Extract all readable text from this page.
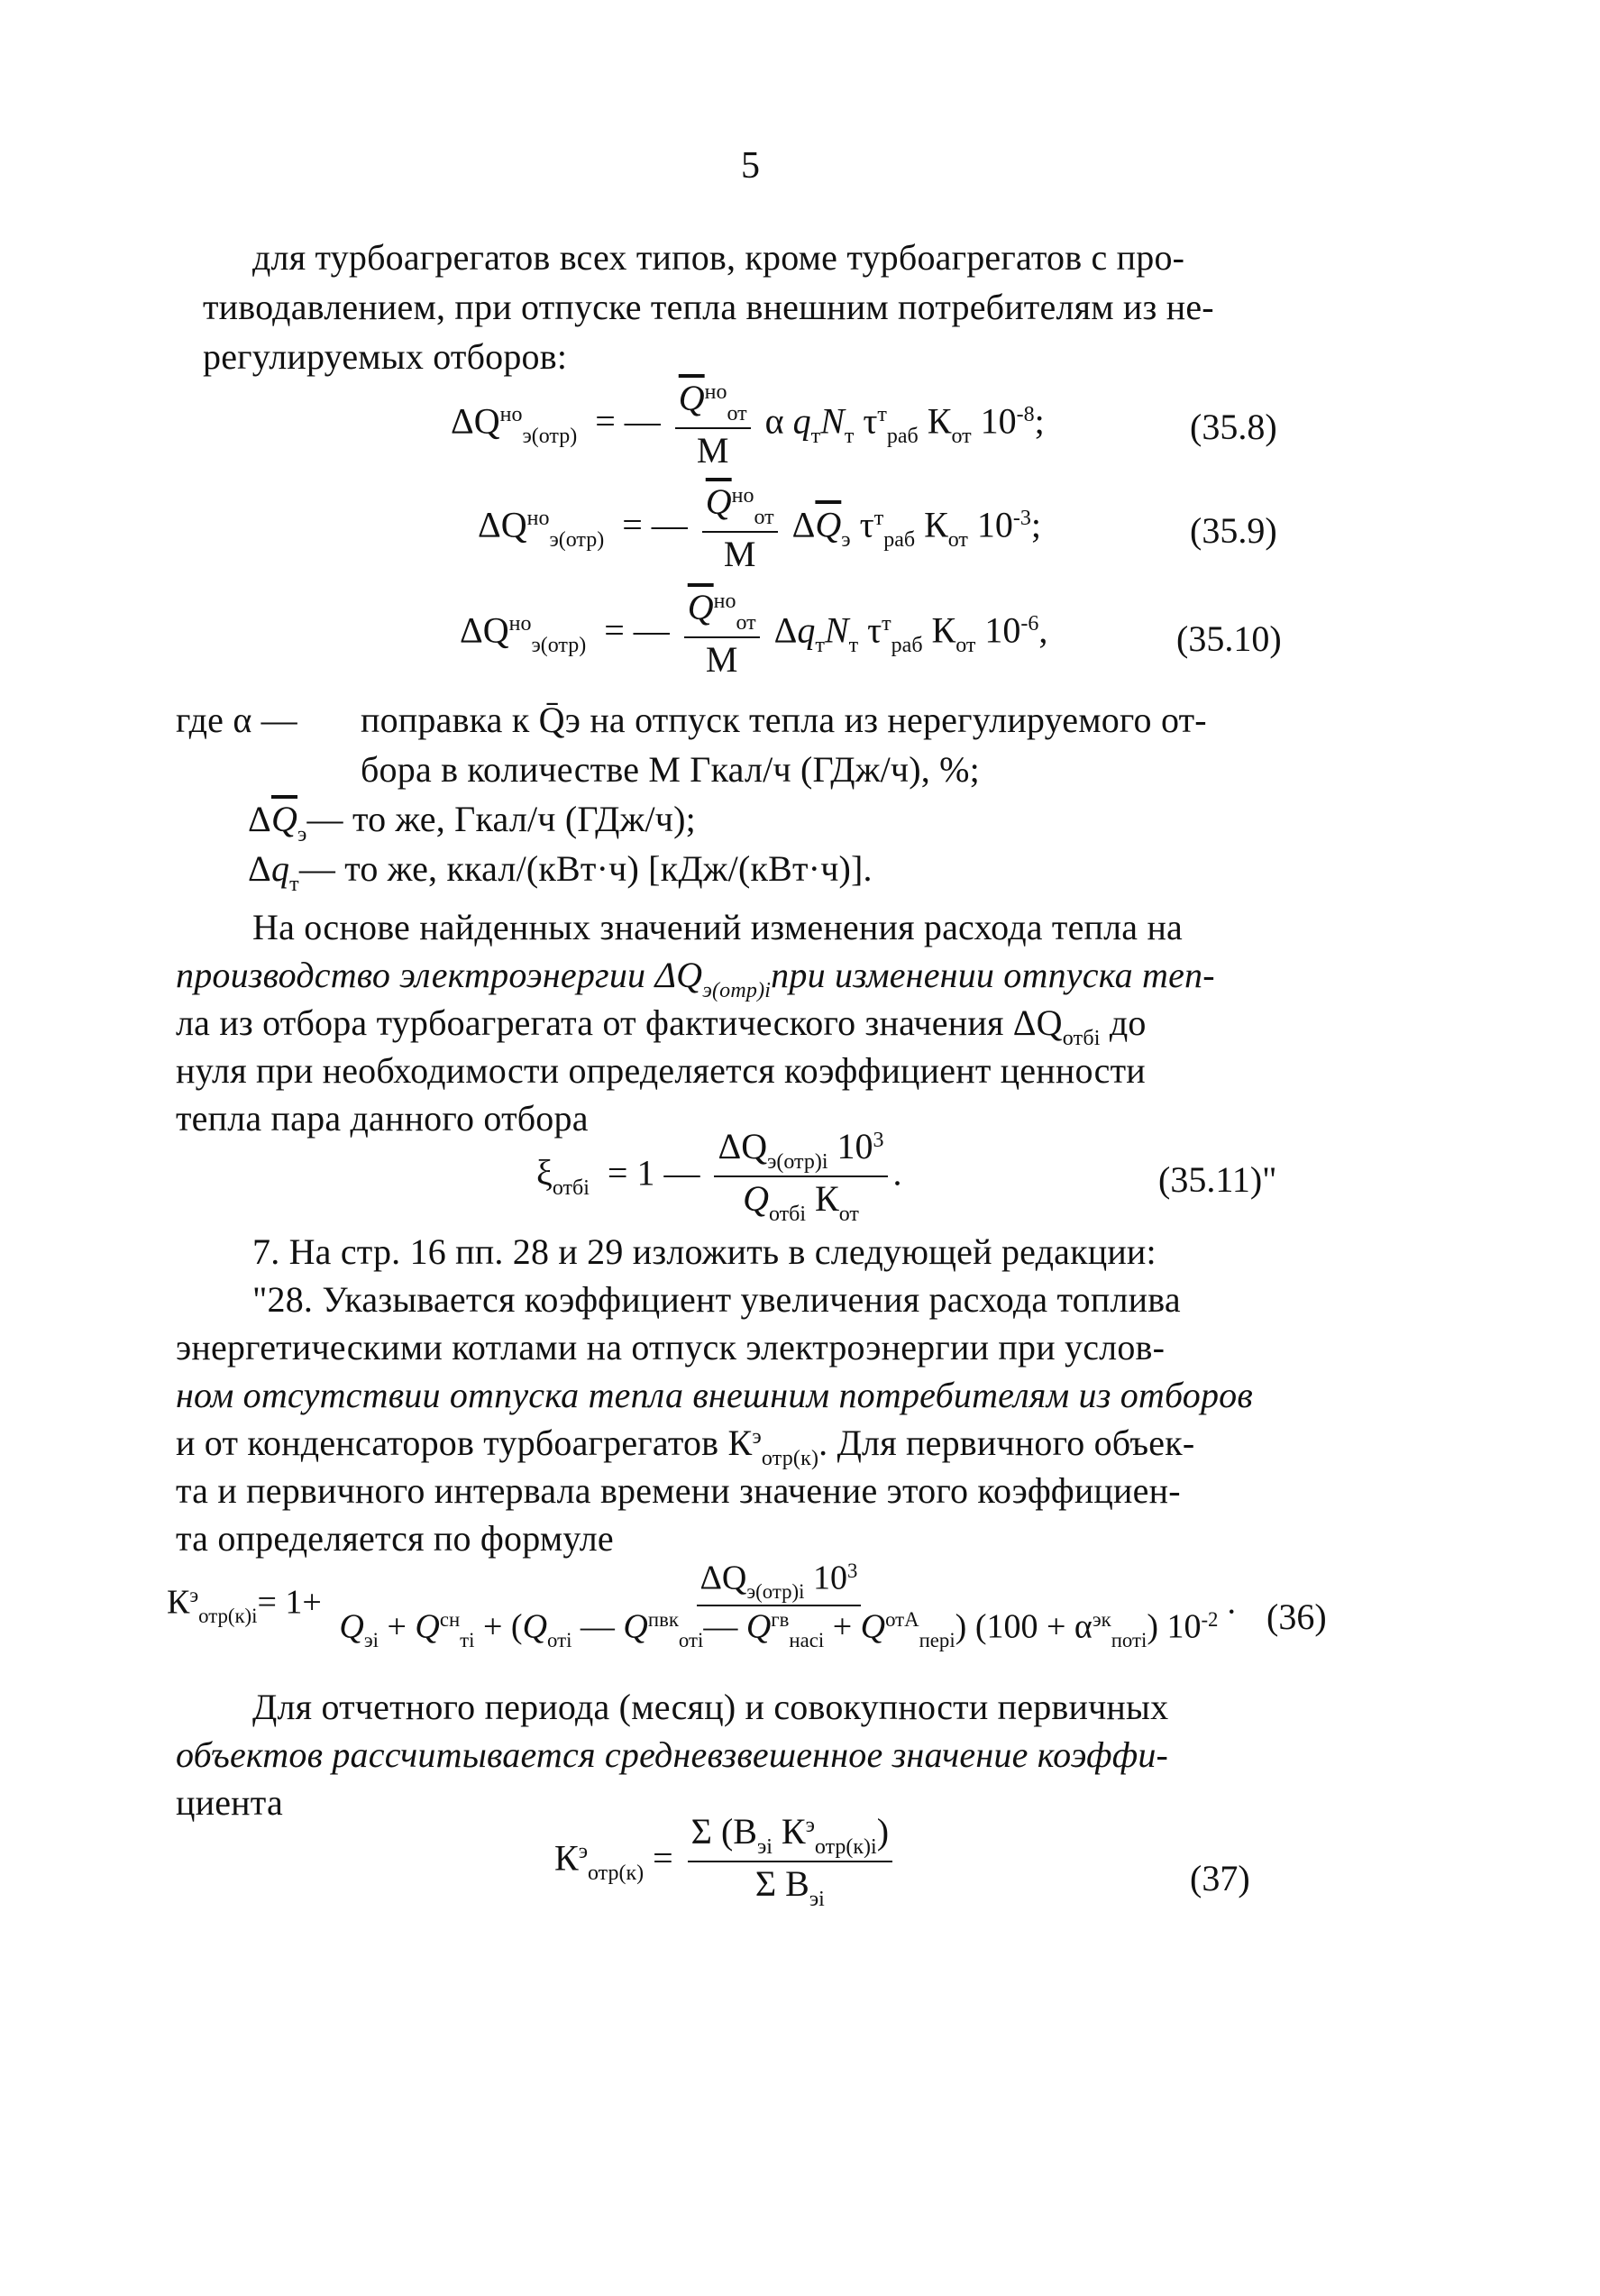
5
для турбоагрегатов всех типов, кроме турбоагрегатов с про-
тиводавлением, при отпуске тепла внешним потребителям из не-
регулируемых отборов:
$\Delta Q^{но}_{э(отр)}$  = — $\frac{\overline{Q}^{но}_{от}}{М}$ α $q_тN_т$ $\tau^т_{раб}$ $К_{от}$ $10^{-8}$;	(35.8)
$\Delta Q^{но}_{э(отр)}$  = — $\frac{\overline{Q}^{но}_{от}}{М} \Delta\overline{Q}_э$ $\tau^т_{раб}$ $К_{от}$ $10^{-3}$;	(35.9)
$\Delta Q^{но}_{э(отр)}$  = — $\frac{\overline{Q}^{но}_{от}}{М} \Delta q_тN_т$ $\tau^т_{раб}$ $К_{от}$ $10^{-6}$,	(35.10)
где α — поправка к Q̄э на отпуск тепла из нерегулируемого от-
бора в количестве М Гкал/ч (ГДж/ч), %;
$\Delta\overline{Q}_э—$ то же, Гкал/ч (ГДж/ч);
$\Delta q_т—$ то же, ккал/(кВт·ч) [кДж/(кВт·ч)].
На основе найденных значений изменения расхода тепла на
производство электроэнергии $\Delta Q_{э(отр)i}при$ изменении отпуска теп-
ла из отбора турбоагрегата от фактического значения $\Delta Q_{отбi}$ до
нуля при необходимости определяется коэффициент ценности
тепла пара данного отбора
$\xi_{отбi} = 1$ — $\frac{\Delta Q_{э(отр)i} 10^3}{Q_{отбi} К_{от}}$ .	(35.11)"
7. На стр. 16 пп. 28 и 29 изложить в следующей редакции:
"28. Указывается коэффициент увеличения расхода топлива
энергетическими котлами на отпуск электроэнергии при услов-
ном отсутствии отпуска тепла внешним потребителям из отборов
и от конденсаторов турбоагрегатов $К^э_{отр(к)}$. Для первичного объек-
та и первичного интервала времени значение этого коэффициен-
та определяется по формуле
$К^э_{отр(к)i}= 1+$
$\Delta Q_{э(отр)i}$ $10^3$
$Q_{эi} + Q^{сн}_{тi} + (Q_{отi}$ — $Q^{пвк}_{отi}—$ $Q^{гв}_{насi} + Q^{отА}_{перi}$) $(100 + \alpha^{эк}_{потi})$ $10^{-2}$ . (36)
Для отчетного периода (месяц) и совокупности первичных
объектов рассчитывается средневзвешенное значение коэффи-
циента
$К^э_{отр(к)} = \frac{\Sigma (В_{эi} К^э_{отр(к)i})}{\Sigma В_{эi}}$	(37)
